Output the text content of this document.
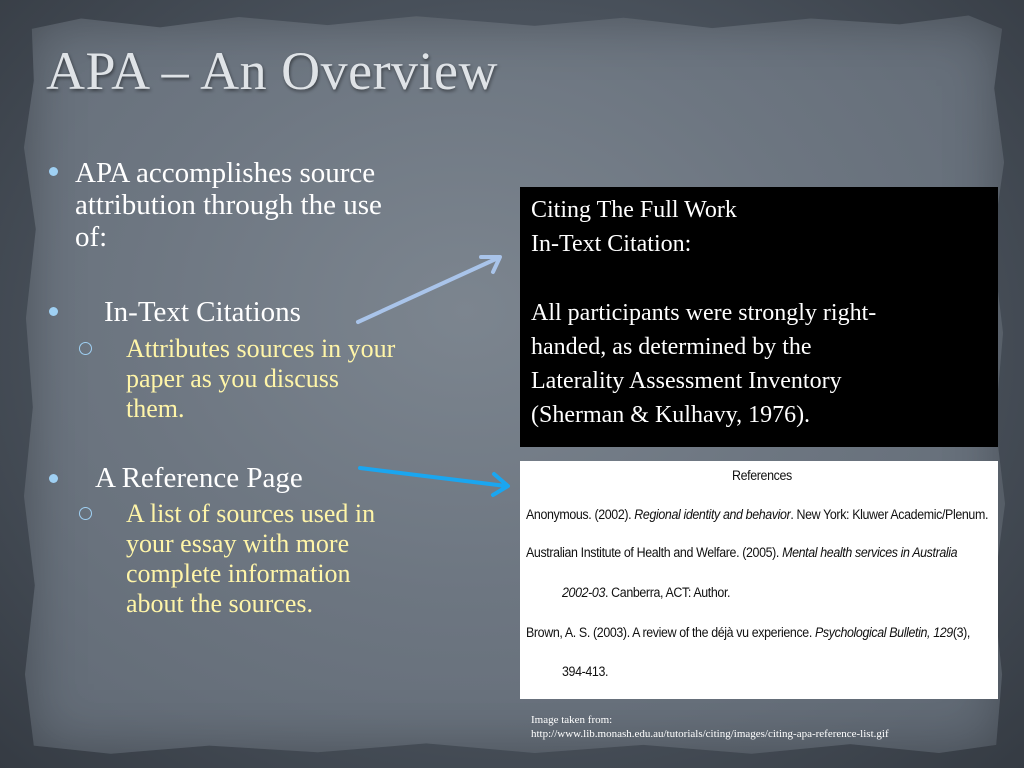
APA – An Overview
APA accomplishes source
attribution through the use
of:
In-Text Citations
Attributes sources in your
paper as you discuss
them.
A Reference Page
A list of sources used in
your essay with more
complete information
about the sources.
Citing The Full Work
In-Text Citation:
All participants were strongly right-
handed, as determined by the
Laterality Assessment Inventory
(Sherman & Kulhavy, 1976).
References
Anonymous. (2002). Regional identity and behavior. New York: Kluwer Academic/Plenum.
Australian Institute of Health and Welfare. (2005). Mental health services in Australia
2002-03. Canberra, ACT: Author.
Brown, A. S. (2003). A review of the déjà vu experience. Psychological Bulletin, 129(3),
394-413.
Image taken from:
http://www.lib.monash.edu.au/tutorials/citing/images/citing-apa-reference-list.gif
